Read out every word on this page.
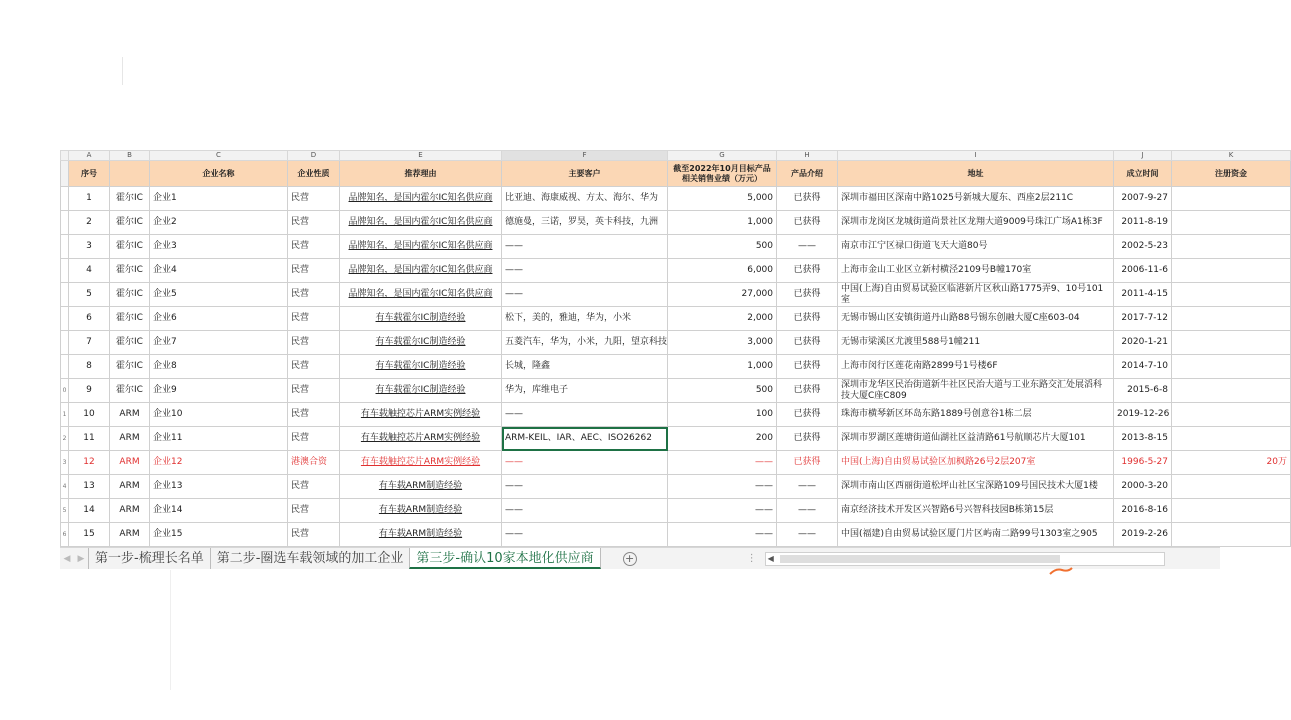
	A	B	C	D	E	F	G	H	I	J	K
	序号		企业名称	企业性质	推荐理由	主要客户	截至2022年10月目标产品相关销售业绩（万元）	产品介绍	地址	成立时间	注册资金
	1	霍尔IC	企业1	民营	品牌知名，是国内霍尔IC知名供应商	比亚迪、海康威视、方太、海尔、华为	5,000	已获得	深圳市福田区深南中路1025号新城大厦东、西座2层211C	2007-9-27	
	2	霍尔IC	企业2	民营	品牌知名，是国内霍尔IC知名供应商	德施曼，三诺，罗昊，英卡科技，九洲	1,000	已获得	深圳市龙岗区龙城街道尚景社区龙翔大道9009号珠江广场A1栋3F	2011-8-19	
	3	霍尔IC	企业3	民营	品牌知名，是国内霍尔IC知名供应商	——	500	——	南京市江宁区禄口街道飞天大道80号	2002-5-23	
	4	霍尔IC	企业4	民营	品牌知名，是国内霍尔IC知名供应商	——	6,000	已获得	上海市金山工业区立新村横泾2109号B幢170室	2006-11-6	
	5	霍尔IC	企业5	民营	品牌知名，是国内霍尔IC知名供应商	——	27,000	已获得	中国(上海)自由贸易试验区临港新片区秋山路1775弄9、10号101室	2011-4-15	
	6	霍尔IC	企业6	民营	有车载霍尔IC制造经验	松下，美的，雅迪，华为，小米	2,000	已获得	无锡市锡山区安镇街道丹山路88号锡东创融大厦C座603-04	2017-7-12	
	7	霍尔IC	企业7	民营	有车载霍尔IC制造经验	五菱汽车，华为，小米，九阳，望京科技	3,000	已获得	无锡市梁溪区尤渡里588号1幢211	2020-1-21	
	8	霍尔IC	企业8	民营	有车载霍尔IC制造经验	长城，隆鑫	1,000	已获得	上海市闵行区莲花南路2899号1号楼6F	2014-7-10	
0	9	霍尔IC	企业9	民营	有车载霍尔IC制造经验	华为，库维电子	500	已获得	深圳市龙华区民治街道新牛社区民治大道与工业东路交汇处展滔科技大厦C座C809	2015-6-8	
1	10	ARM	企业10	民营	有车载触控芯片ARM实例经验	——	100	已获得	珠海市横琴新区环岛东路1889号创意谷1栋二层	2019-12-26	
2	11	ARM	企业11	民营	有车载触控芯片ARM实例经验	ARM-KEIL、IAR、AEC、ISO26262	200	已获得	深圳市罗湖区莲塘街道仙湖社区益清路61号航顺芯片大厦101	2013-8-15	
3	12	ARM	企业12	港澳合资	有车载触控芯片ARM实例经验	——	——	已获得	中国(上海)自由贸易试验区加枫路26号2层207室	1996-5-27	20万
4	13	ARM	企业13	民营	有车载ARM制造经验	——	——	——	深圳市南山区西丽街道松坪山社区宝深路109号国民技术大厦1楼	2000-3-20	
5	14	ARM	企业14	民营	有车载ARM制造经验	——	——	——	南京经济技术开发区兴智路6号兴智科技园B栋第15层	2016-8-16	
6	15	ARM	企业15	民营	有车载ARM制造经验	——	——	——	中国(福建)自由贸易试验区厦门片区屿南二路99号1303室之905	2019-2-26	
◀ ▶ 第一步-梳理长名单	第二步-圈选车载领域的加工企业	第三步-确认10家本地化供应商	+	⋮ ◀
